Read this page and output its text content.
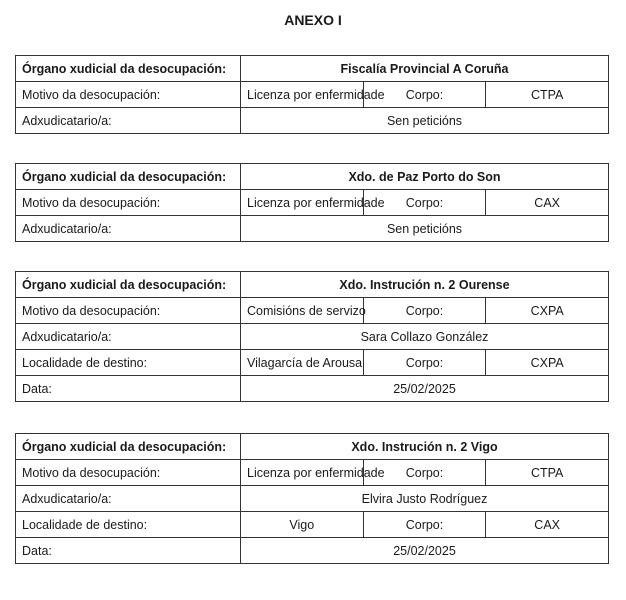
ANEXO I
Órgano xudicial da desocupación:	Fiscalía Provincial A Coruña		
Motivo da desocupación:	Licenza por enfermidade	Corpo:	CTPA
Adxudicatario/a:	Sen peticións		
Órgano xudicial da desocupación:	Xdo. de Paz Porto do Son		
Motivo da desocupación:	Licenza por enfermidade	Corpo:	CAX
Adxudicatario/a:	Sen peticións		
Órgano xudicial da desocupación:	Xdo. Instrución n. 2 Ourense		
Motivo da desocupación:	Comisións de servizo	Corpo:	CXPA
Adxudicatario/a:	Sara Collazo González		
Localidade de destino:	Vilagarcía de Arousa	Corpo:	CXPA
Data:	25/02/2025		
Órgano xudicial da desocupación:	Xdo. Instrución n. 2 Vigo		
Motivo da desocupación:	Licenza por enfermidade	Corpo:	CTPA
Adxudicatario/a:	Elvira Justo Rodríguez		
Localidade de destino:	Vigo	Corpo:	CAX
Data:	25/02/2025		
